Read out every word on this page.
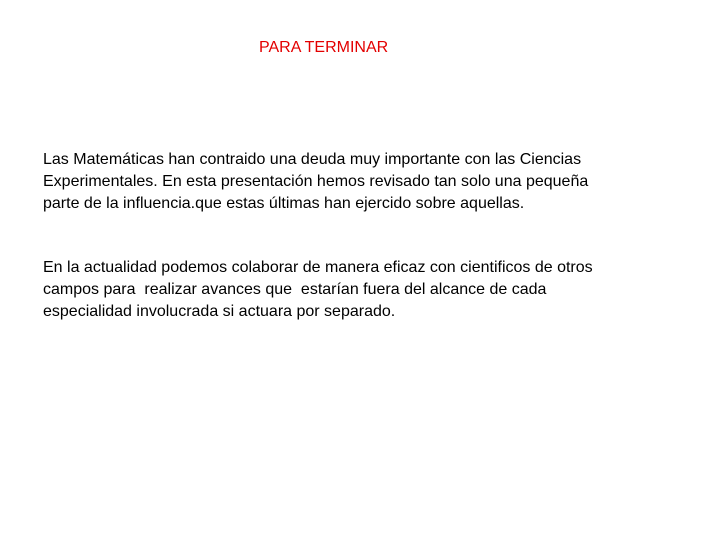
PARA TERMINAR

Las Matemáticas han contraido una deuda muy importante con las Ciencias
Experimentales. En esta presentación hemos revisado tan solo una pequeña
parte de la influencia.que estas últimas han ejercido sobre aquellas.

En la actualidad podemos colaborar de manera eficaz con cientificos de otros
campos para  realizar avances que  estarían fuera del alcance de cada
especialidad involucrada si actuara por separado.
